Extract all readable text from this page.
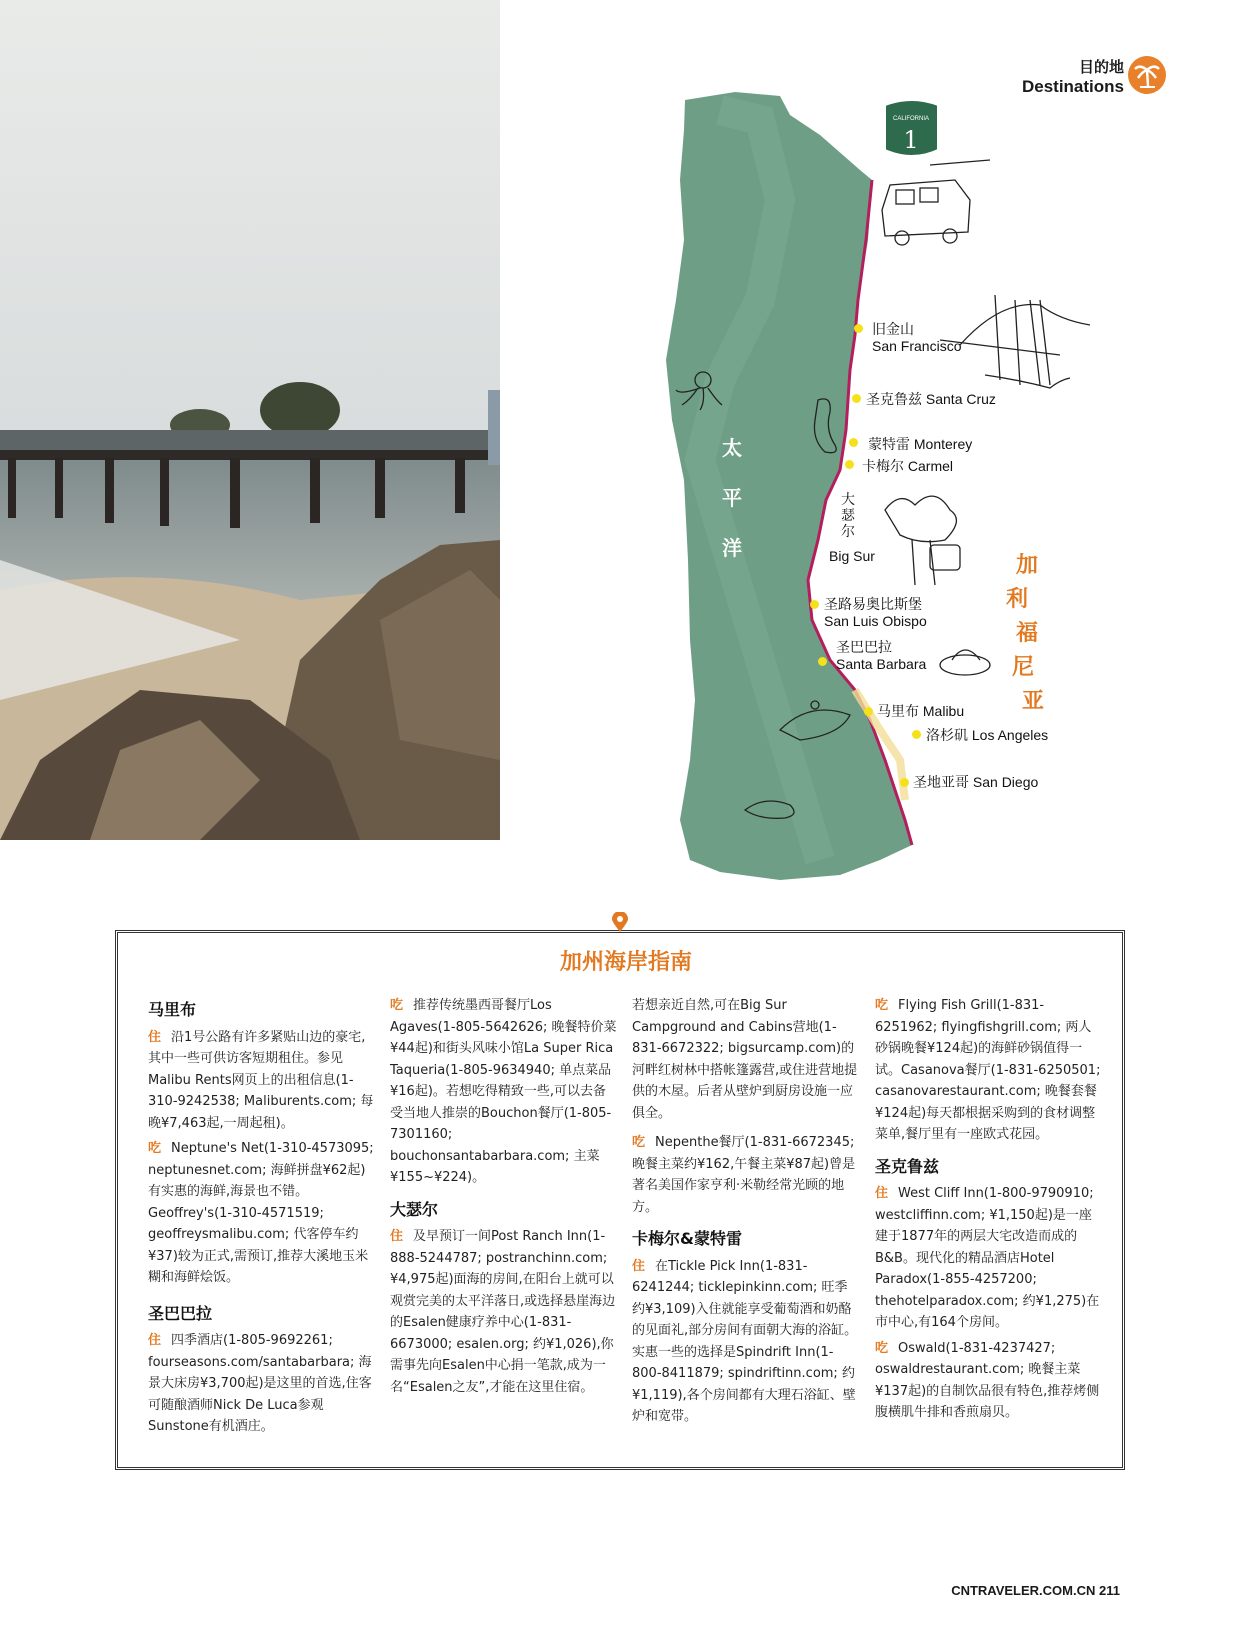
目的地
Destinations
CALIFORNIA
1
旧金山
San Francisco
圣克鲁兹 Santa Cruz
蒙特雷 Monterey
卡梅尔 Carmel
大
瑟
尔
Big Sur
圣路易奥比斯堡
San Luis Obispo
圣巴巴拉
Santa Barbara
马里布 Malibu
洛杉矶 Los Angeles
圣地亚哥 San Diego
太
平
洋
加
利
福
尼
亚
加州海岸指南
马里布

住 沿1号公路有许多紧贴山边的豪宅,其中一些可供访客短期租住。参见Malibu Rents网页上的出租信息(1-310-9242538; Maliburents.com; 每晚¥7,463起,一周起租)。

吃 Neptune's Net(1-310-4573095; neptunesnet.com; 海鲜拼盘¥62起)有实惠的海鲜,海景也不错。Geoffrey's(1-310-4571519; geoffreysmalibu.com; 代客停车约¥37)较为正式,需预订,推荐大溪地玉米糊和海鲜烩饭。

圣巴巴拉

住 四季酒店(1-805-9692261; fourseasons.com/santabarbara; 海景大床房¥3,700起)是这里的首选,住客可随酿酒师Nick De Luca参观Sunstone有机酒庄。

吃 推荐传统墨西哥餐厅Los Agaves(1-805-5642626; 晚餐特价菜¥44起)和街头风味小馆La Super Rica Taqueria(1-805-9634940; 单点菜品¥16起)。若想吃得精致一些,可以去备受当地人推崇的Bouchon餐厅(1-805-7301160; bouchonsantabarbara.com; 主菜¥155~¥224)。

大瑟尔

住 及早预订一间Post Ranch Inn(1-888-5244787; postranchinn.com; ¥4,975起)面海的房间,在阳台上就可以观赏完美的太平洋落日,或选择悬崖海边的Esalen健康疗养中心(1-831-6673000; esalen.org; 约¥1,026),你需事先向Esalen中心捐一笔款,成为一名“Esalen之友”,才能在这里住宿。

若想亲近自然,可在Big Sur Campground and Cabins营地(1-831-6672322; bigsurcamp.com)的河畔红树林中搭帐篷露营,或住进营地提供的木屋。后者从壁炉到厨房设施一应俱全。

吃 Nepenthe餐厅(1-831-6672345; 晚餐主菜约¥162,午餐主菜¥87起)曾是著名美国作家亨利·米勒经常光顾的地方。

卡梅尔&蒙特雷

住 在Tickle Pick Inn(1-831-6241244; ticklepinkinn.com; 旺季约¥3,109)入住就能享受葡萄酒和奶酪的见面礼,部分房间有面朝大海的浴缸。实惠一些的选择是Spindrift Inn(1-800-8411879; spindriftinn.com; 约¥1,119),各个房间都有大理石浴缸、壁炉和宽带。

吃 Flying Fish Grill(1-831-6251962; flyingfishgrill.com; 两人砂锅晚餐¥124起)的海鲜砂锅值得一试。Casanova餐厅(1-831-6250501; casanovarestaurant.com; 晚餐套餐¥124起)每天都根据采购到的食材调整菜单,餐厅里有一座欧式花园。

圣克鲁兹

住 West Cliff Inn(1-800-9790910; westcliffinn.com; ¥1,150起)是一座建于1877年的两层大宅改造而成的B&B。现代化的精品酒店Hotel Paradox(1-855-4257200; thehotelparadox.com; 约¥1,275)在市中心,有164个房间。

吃 Oswald(1-831-4237427; oswaldrestaurant.com; 晚餐主菜¥137起)的自制饮品很有特色,推荐烤侧腹横肌牛排和香煎扇贝。

CNTRAVELER.COM.CN 211
